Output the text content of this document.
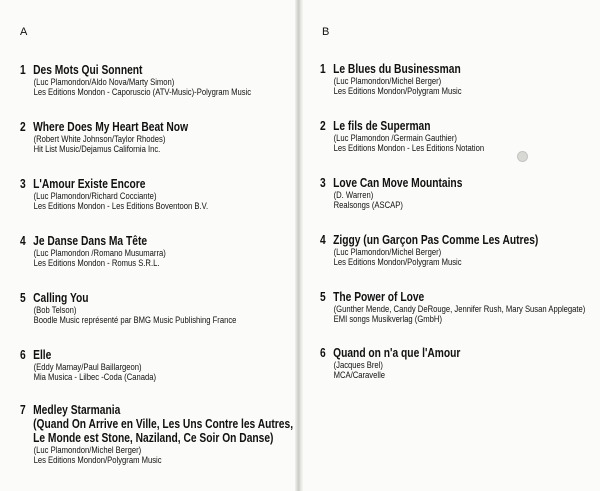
A
1 Des Mots Qui Sonnent
(Luc Plamondon/Aldo Nova/Marty Simon)
Les Editions Mondon - Caporuscio (ATV-Music)-Polygram Music
2 Where Does My Heart Beat Now
(Robert White Johnson/Taylor Rhodes)
Hit List Music/Dejamus California Inc.
3 L'Amour Existe Encore
(Luc Plamondon/Richard Cocciante)
Les Editions Mondon - Les Editions Boventoon B.V.
4 Je Danse Dans Ma Tête
(Luc Plamondon /Romano Musumarra)
Les Editions Mondon - Romus S.R.L.
5 Calling You
(Bob Telson)
Boodle Music représenté par BMG Music Publishing France
6 Elle
(Eddy Marnay/Paul Baillargeon)
Mia Musica - Lilbec -Coda (Canada)
7 Medley Starmania
(Quand On Arrive en Ville, Les Uns Contre les Autres,
Le Monde est Stone, Naziland, Ce Soir On Danse)
(Luc Plamondon/Michel Berger)
Les Editions Mondon/Polygram Music
B
1 Le Blues du Businessman
(Luc Plamondon/Michel Berger)
Les Editions Mondon/Polygram Music
2 Le fils de Superman
(Luc Plamondon /Germain Gauthier)
Les Editions Mondon - Les Editions Notation
3 Love Can Move Mountains
(D. Warren)
Realsongs (ASCAP)
4 Ziggy (un Garçon Pas Comme Les Autres)
(Luc Plamondon/Michel Berger)
Les Editions Mondon/Polygram Music
5 The Power of Love
(Gunther Mende, Candy DeRouge, Jennifer Rush, Mary Susan Applegate)
EMI songs Musikverlag (GmbH)
6 Quand on n'a que l'Amour
(Jacques Brel)
MCA/Caravelle
